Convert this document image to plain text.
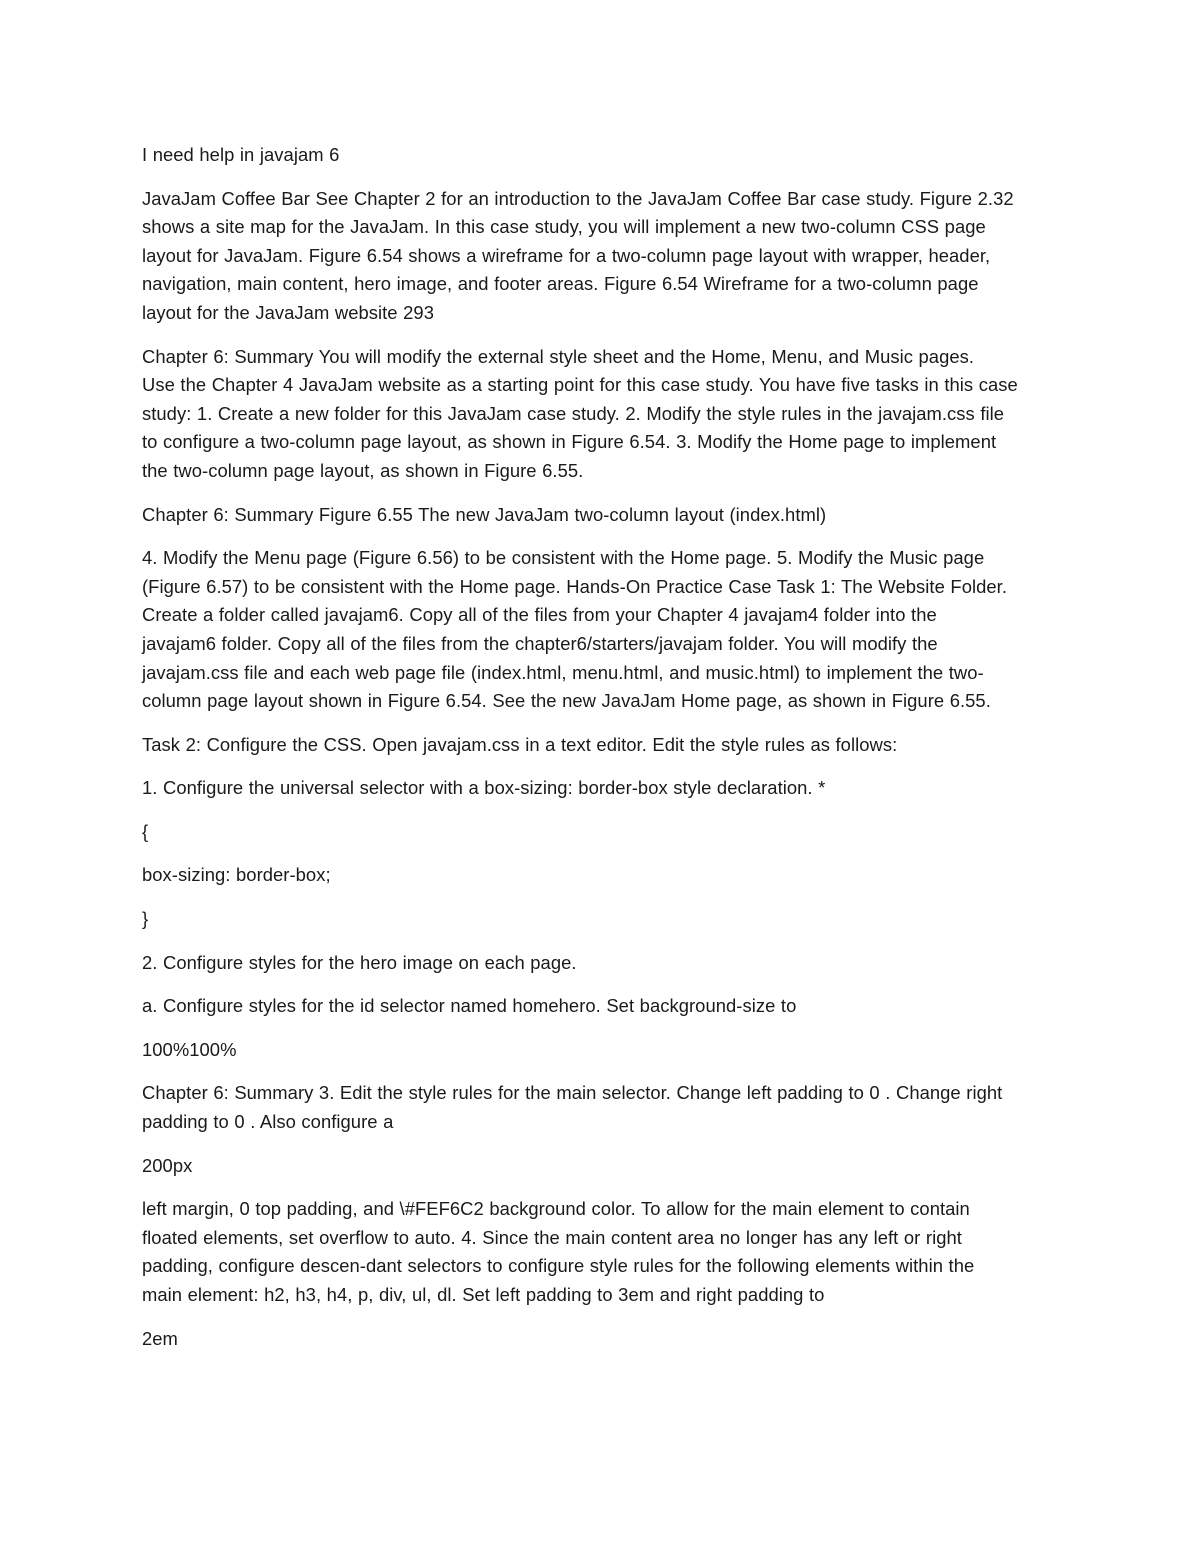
I need help in javajam 6

JavaJam Coffee Bar See Chapter 2 for an introduction to the JavaJam Coffee Bar case study. Figure 2.32
shows a site map for the JavaJam. In this case study, you will implement a new two-column CSS page
layout for JavaJam. Figure 6.54 shows a wireframe for a two-column page layout with wrapper, header,
navigation, main content, hero image, and footer areas. Figure 6.54 Wireframe for a two-column page
layout for the JavaJam website 293

Chapter 6: Summary You will modify the external style sheet and the Home, Menu, and Music pages.
Use the Chapter 4 JavaJam website as a starting point for this case study. You have five tasks in this case
study: 1. Create a new folder for this JavaJam case study. 2. Modify the style rules in the javajam.css file
to configure a two-column page layout, as shown in Figure 6.54. 3. Modify the Home page to implement
the two-column page layout, as shown in Figure 6.55.

Chapter 6: Summary Figure 6.55 The new JavaJam two-column layout (index.html)

4. Modify the Menu page (Figure 6.56) to be consistent with the Home page. 5. Modify the Music page
(Figure 6.57) to be consistent with the Home page. Hands-On Practice Case Task 1: The Website Folder.
Create a folder called javajam6. Copy all of the files from your Chapter 4 javajam4 folder into the
javajam6 folder. Copy all of the files from the chapter6/starters/javajam folder. You will modify the
javajam.css file and each web page file (index.html, menu.html, and music.html) to implement the two-
column page layout shown in Figure 6.54. See the new JavaJam Home page, as shown in Figure 6.55.

Task 2: Configure the CSS. Open javajam.css in a text editor. Edit the style rules as follows:

1. Configure the universal selector with a box-sizing: border-box style declaration. *

{

box-sizing: border-box;

}

2. Configure styles for the hero image on each page.

a. Configure styles for the id selector named homehero. Set background-size to

100%100%

Chapter 6: Summary 3. Edit the style rules for the main selector. Change left padding to 0 . Change right
padding to 0 . Also configure a

200px

left margin, 0 top padding, and \#FEF6C2 background color. To allow for the main element to contain
floated elements, set overflow to auto. 4. Since the main content area no longer has any left or right
padding, configure descen-dant selectors to configure style rules for the following elements within the
main element: h2, h3, h4, p, div, ul, dl. Set left padding to 3em and right padding to

2em
